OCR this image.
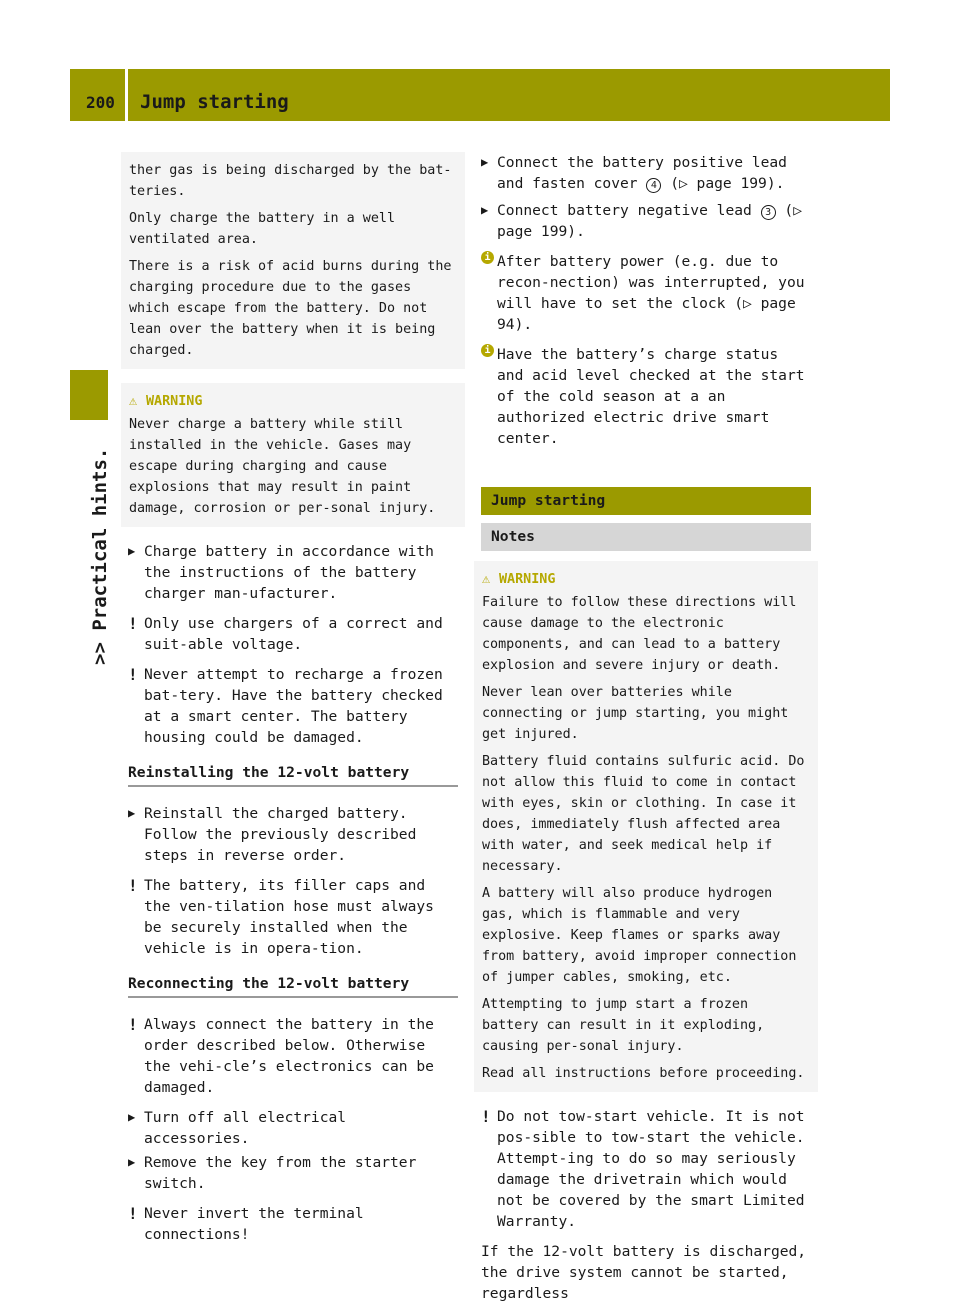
200 Jump starting
>> Practical hints.

ther gas is being discharged by the bat-teries.

Only charge the battery in a well ventilated area.

There is a risk of acid burns during the charging procedure due to the gases which escape from the battery. Do not lean over the battery when it is being charged.

⚠ WARNING

Never charge a battery while still installed in the vehicle. Gases may escape during charging and cause explosions that may result in paint damage, corrosion or per-sonal injury.

▶ Charge battery in accordance with the instructions of the battery charger man-ufacturer.
! Only use chargers of a correct and suit-able voltage.
! Never attempt to recharge a frozen bat-tery. Have the battery checked at a smart center. The battery housing could be damaged.
Reinstalling the 12-volt battery
▶ Reinstall the charged battery. Follow the previously described steps in reverse order.
! The battery, its filler caps and the ven-tilation hose must always be securely installed when the vehicle is in opera-tion.
Reconnecting the 12-volt battery
! Always connect the battery in the order described below. Otherwise the vehi-cle’s electronics can be damaged.
▶ Turn off all electrical accessories.
▶ Remove the key from the starter switch.
! Never invert the terminal connections!
▶ Connect the battery positive lead and fasten cover 4 (▷ page 199).
▶ Connect battery negative lead 3 (▷ page 199).
i After battery power (e.g. due to recon-nection) was interrupted, you will have to set the clock (▷ page 94).
i Have the battery’s charge status and acid level checked at the start of the cold season at a an authorized electric drive smart center.
Jump starting
Notes
⚠ WARNING

Failure to follow these directions will cause damage to the electronic components, and can lead to a battery explosion and severe injury or death.

Never lean over batteries while connecting or jump starting, you might get injured.

Battery fluid contains sulfuric acid. Do not allow this fluid to come in contact with eyes, skin or clothing. In case it does, immediately flush affected area with water, and seek medical help if necessary.

A battery will also produce hydrogen gas, which is flammable and very explosive. Keep flames or sparks away from battery, avoid improper connection of jumper cables, smoking, etc.

Attempting to jump start a frozen battery can result in it exploding, causing per-sonal injury.

Read all instructions before proceeding.

! Do not tow-start vehicle. It is not pos-sible to tow-start the vehicle. Attempt-ing to do so may seriously damage the drivetrain which would not be covered by the smart Limited Warranty.
If the 12-volt battery is discharged, the drive system cannot be started, regardless
